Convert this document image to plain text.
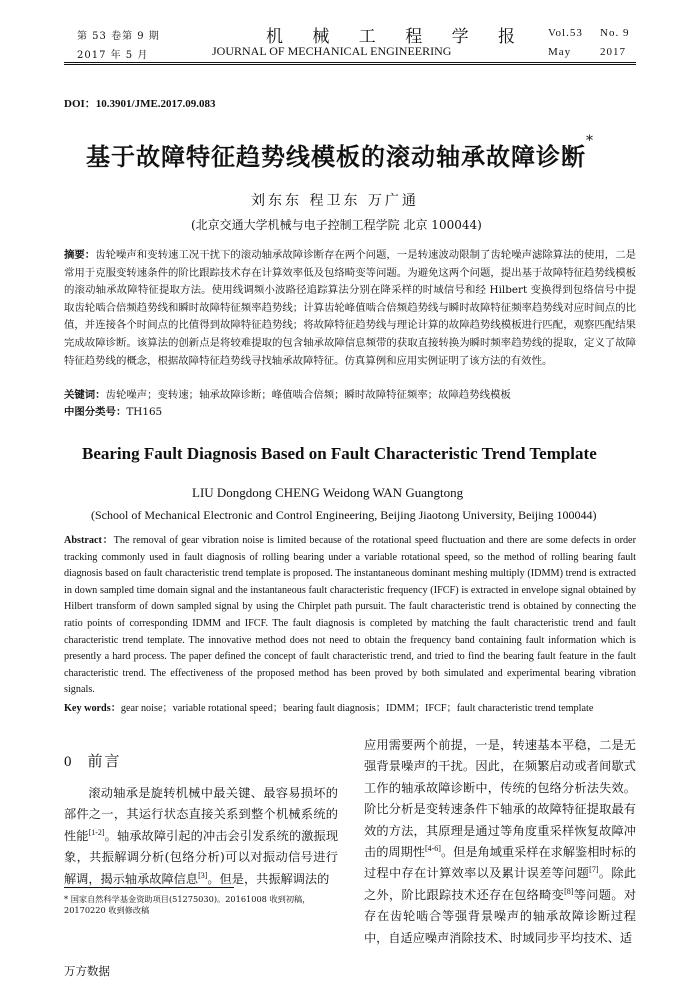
第 53 卷第 9 期
2017 年 5 月
机 械 工 程 学 报
JOURNAL OF MECHANICAL ENGINEERING
Vol.53 No. 9
May	2017
DOI：10.3901/JME.2017.09.083
基于故障特征趋势线模板的滚动轴承故障诊断*
刘东东 程卫东 万广通
(北京交通大学机械与电子控制工程学院 北京 100044)
摘要：齿轮噪声和变转速工况干扰下的滚动轴承故障诊断存在两个问题，一是转速波动限制了齿轮噪声滤除算法的使用，二是常用于克服变转速条件的阶比跟踪技术存在计算效率低及包络畸变等问题。为避免这两个问题，提出基于故障特征趋势线模板的滚动轴承故障特征提取方法。使用线调频小波路径追踪算法分别在降采样的时域信号和经 Hilbert 变换得到包络信号中提取齿轮啮合倍频趋势线和瞬时故障特征频率趋势线；计算齿轮峰值啮合倍频趋势线与瞬时故障特征频率趋势线对应时间点的比值，并连接各个时间点的比值得到故障特征趋势线；将故障特征趋势线与理论计算的故障趋势线模板进行匹配，观察匹配结果完成故障诊断。该算法的创新点是将较难提取的包含轴承故障信息频带的获取直接转换为瞬时频率趋势线的提取，定义了故障特征趋势线的概念，根据故障特征趋势线寻找轴承故障特征。仿真算例和应用实例证明了该方法的有效性。
关键词：齿轮噪声；变转速；轴承故障诊断；峰值啮合倍频；瞬时故障特征频率；故障趋势线模板
中图分类号：TH165
Bearing Fault Diagnosis Based on Fault Characteristic Trend Template
LIU Dongdong CHENG Weidong WAN Guangtong
(School of Mechanical Electronic and Control Engineering, Beijing Jiaotong University, Beijing 100044)
Abstract：The removal of gear vibration noise is limited because of the rotational speed fluctuation and there are some defects in order tracking commonly used in fault diagnosis of rolling bearing under a variable rotational speed, so the method of rolling bearing fault diagnosis based on fault characteristic trend template is proposed. The instantaneous dominant meshing multiply (IDMM) trend is extracted in down sampled time domain signal and the instantaneous fault characteristic frequency (IFCF) is extracted in envelope signal obtained by Hilbert transform of down sampled signal by using the Chirplet path pursuit. The fault characteristic trend is obtained by connecting the ratio points of corresponding IDMM and IFCF. The fault diagnosis is completed by matching the fault characteristic trend and fault characteristic trend template. The innovative method does not need to obtain the frequency band containing fault information which is presently a hard process. The paper defined the concept of fault characteristic trend, and tried to find the bearing fault feature in the fault characteristic trend. The effectiveness of the proposed method has been proved by both simulated and experimental bearing vibration signals.
Key words：gear noise；variable rotational speed；bearing fault diagnosis；IDMM；IFCF；fault characteristic trend template
0 前言
滚动轴承是旋转机械中最关键、最容易损坏的部件之一，其运行状态直接关系到整个机械系统的性能[1-2]。轴承故障引起的冲击会引发系统的激振现象，共振解调分析(包络分析)可以对振动信号进行解调，揭示轴承故障信息[3]。但是，共振解调法的
* 国家自然科学基金资助项目(51275030)。20161008 收到初稿，20170220 收到修改稿
应用需要两个前提，一是，转速基本平稳，二是无强背景噪声的干扰。因此，在频繁启动或者间歇式工作的轴承故障诊断中，传统的包络分析法失效。阶比分析是变转速条件下轴承的故障特征提取最有效的方法，其原理是通过等角度重采样恢复故障冲击的周期性[4-6]。但是角域重采样在求解鉴相时标的过程中存在计算效率以及累计误差等问题[7]。除此之外，阶比跟踪技术还存在包络畸变[8]等问题。对存在齿轮啮合等强背景噪声的轴承故障诊断过程中，自适应噪声消除技术、时域同步平均技术、适
万方数据
